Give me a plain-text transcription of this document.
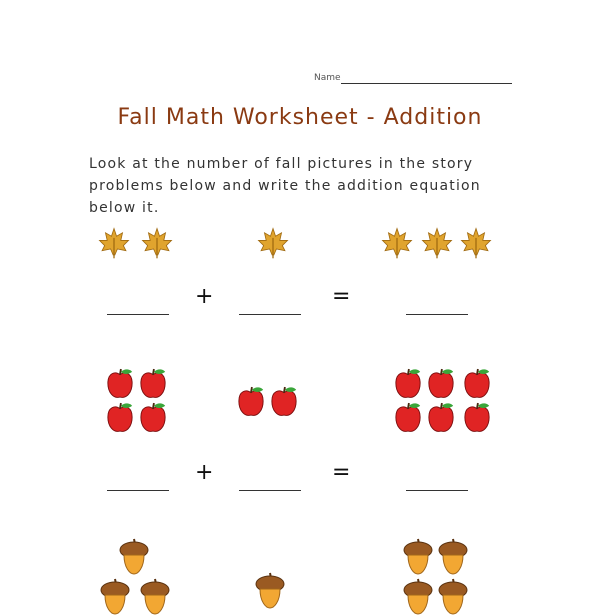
Name
Fall Math Worksheet - Addition
Look at the number of fall pictures in the story problems below and write the addition equation below it.
+	=
+	=
